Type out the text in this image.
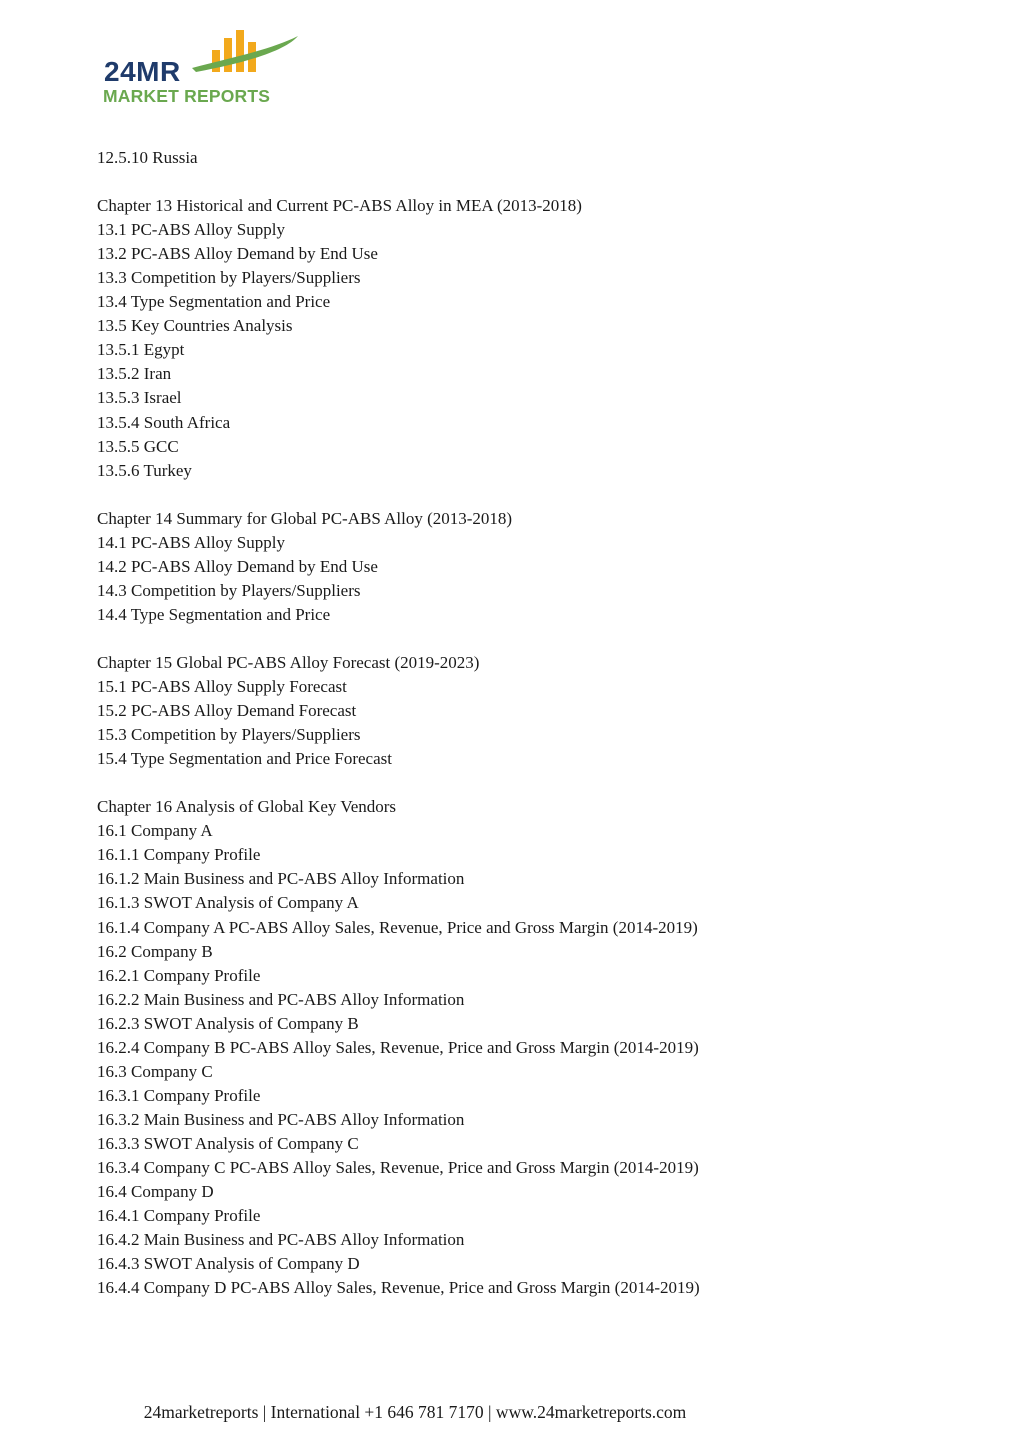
24MR
MARKET REPORTS
12.5.10 Russia
Chapter 13 Historical and Current PC-ABS Alloy in MEA (2013-2018)
13.1 PC-ABS Alloy Supply
13.2 PC-ABS Alloy Demand by End Use
13.3 Competition by Players/Suppliers
13.4 Type Segmentation and Price
13.5 Key Countries Analysis
13.5.1 Egypt
13.5.2 Iran
13.5.3 Israel
13.5.4 South Africa
13.5.5 GCC
13.5.6 Turkey
Chapter 14 Summary for Global PC-ABS Alloy (2013-2018)
14.1 PC-ABS Alloy Supply
14.2 PC-ABS Alloy Demand by End Use
14.3 Competition by Players/Suppliers
14.4 Type Segmentation and Price
Chapter 15 Global PC-ABS Alloy Forecast (2019-2023)
15.1 PC-ABS Alloy Supply Forecast
15.2 PC-ABS Alloy Demand Forecast
15.3 Competition by Players/Suppliers
15.4 Type Segmentation and Price Forecast
Chapter 16 Analysis of Global Key Vendors
16.1 Company A
16.1.1 Company Profile
16.1.2 Main Business and PC-ABS Alloy Information
16.1.3 SWOT Analysis of Company A
16.1.4 Company A PC-ABS Alloy Sales, Revenue, Price and Gross Margin (2014-2019)
16.2 Company B
16.2.1 Company Profile
16.2.2 Main Business and PC-ABS Alloy Information
16.2.3 SWOT Analysis of Company B
16.2.4 Company B PC-ABS Alloy Sales, Revenue, Price and Gross Margin (2014-2019)
16.3 Company C
16.3.1 Company Profile
16.3.2 Main Business and PC-ABS Alloy Information
16.3.3 SWOT Analysis of Company C
16.3.4 Company C PC-ABS Alloy Sales, Revenue, Price and Gross Margin (2014-2019)
16.4 Company D
16.4.1 Company Profile
16.4.2 Main Business and PC-ABS Alloy Information
16.4.3 SWOT Analysis of Company D
16.4.4 Company D PC-ABS Alloy Sales, Revenue, Price and Gross Margin (2014-2019)
24marketreports | International +1 646 781 7170 | www.24marketreports.com
